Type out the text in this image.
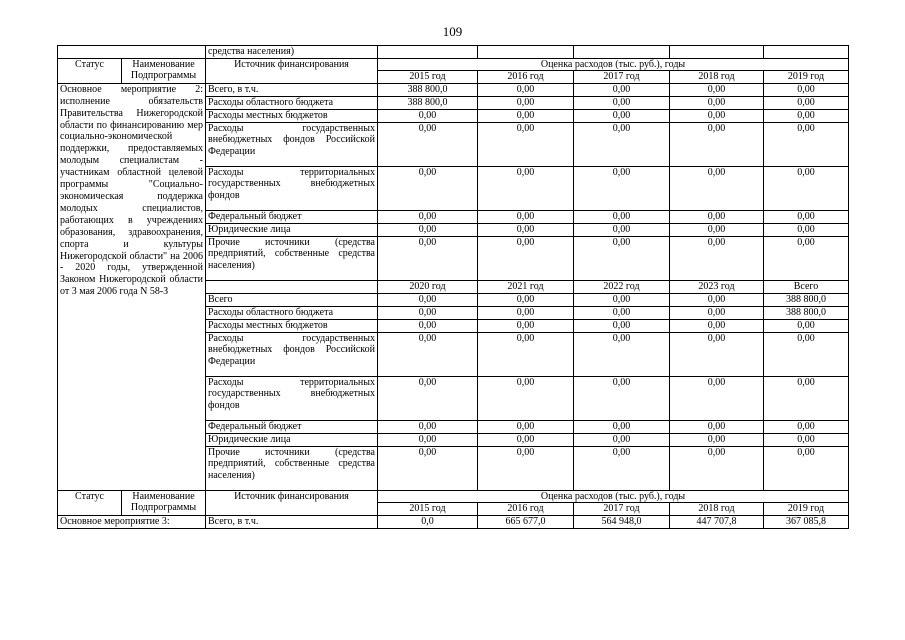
109
		средства населения)					
Статус	Наименование Подпрограммы	Источник финансирования	Оценка расходов (тыс. руб.), годы				
			2015 год	2016 год	2017 год	2018 год	2019 год
Основное мероприятие 2: исполнение обязательств Правительства Нижегородской области по финансированию мер социально-экономической поддержки, предоставляемых молодым специалистам - участникам областной целевой программы "Социально-экономическая поддержка молодых специалистов, работающих в учреждениях образования, здравоохранения, спорта и культуры Нижегородской области" на 2006 - 2020 годы, утвержденной Законом Нижегородской области от 3 мая 2006 года N 58-З		Всего, в т.ч.	388 800,0	0,00	0,00	0,00	0,00
		Расходы областного бюджета	388 800,0	0,00	0,00	0,00	0,00
		Расходы местных бюджетов	0,00	0,00	0,00	0,00	0,00
		Расходы государственных внебюджетных фондов Российской Федерации	0,00	0,00	0,00	0,00	0,00
		Расходы территориальных государственных внебюджетных фондов	0,00	0,00	0,00	0,00	0,00
		Федеральный бюджет	0,00	0,00	0,00	0,00	0,00
		Юридические лица	0,00	0,00	0,00	0,00	0,00
		Прочие источники (средства предприятий, собственные средства населения)	0,00	0,00	0,00	0,00	0,00
			2020 год	2021 год	2022 год	2023 год	Всего
		Всего	0,00	0,00	0,00	0,00	388 800,0
		Расходы областного бюджета	0,00	0,00	0,00	0,00	388 800,0
		Расходы местных бюджетов	0,00	0,00	0,00	0,00	0,00
		Расходы государственных внебюджетных фондов Российской Федерации	0,00	0,00	0,00	0,00	0,00
		Расходы территориальных государственных внебюджетных фондов	0,00	0,00	0,00	0,00	0,00
		Федеральный бюджет	0,00	0,00	0,00	0,00	0,00
		Юридические лица	0,00	0,00	0,00	0,00	0,00
		Прочие источники (средства предприятий, собственные средства населения)	0,00	0,00	0,00	0,00	0,00
Статус	Наименование Подпрограммы	Источник финансирования	Оценка расходов (тыс. руб.), годы				
			2015 год	2016 год	2017 год	2018 год	2019 год
Основное мероприятие 3:		Всего, в т.ч.	0,0	665 677,0	564 948,0	447 707,8	367 085,8
